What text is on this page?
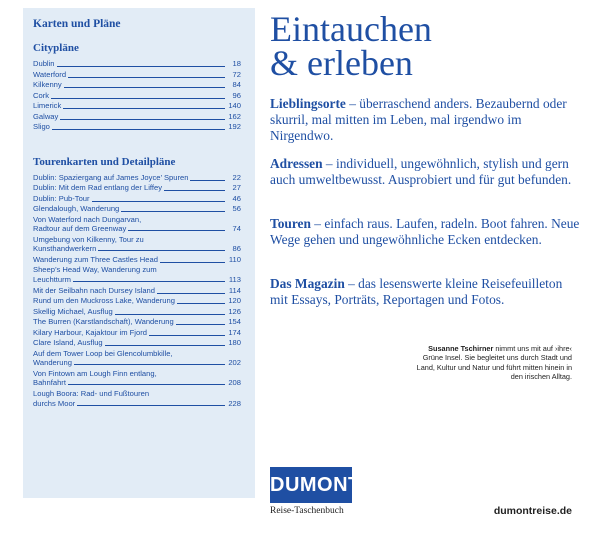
Karten und Pläne
Citypläne
Dublin	18
Waterford	72
Kilkenny	84
Cork	96
Limerick	140
Galway	162
Sligo	192
Tourenkarten und Detailpläne
Dublin: Spaziergang auf James Joyce’ Spuren	22
Dublin: Mit dem Rad entlang der Liffey	27
Dublin: Pub-Tour	46
Glendalough, Wanderung	56
Von Waterford nach Dungarvan,
Radtour auf dem Greenway	74
Umgebung von Kilkenny, Tour zu
Kunsthandwerkern	86
Wanderung zum Three Castles Head	110
Sheep’s Head Way, Wanderung zum
Leuchtturm	113
Mit der Seilbahn nach Dursey Island	114
Rund um den Muckross Lake, Wanderung	120
Skellig Michael, Ausflug	126
The Burren (Karstlandschaft), Wanderung	154
Kilary Harbour, Kajaktour im Fjord	174
Clare Island, Ausflug	180
Auf dem Tower Loop bei Glencolumbkille,
Wanderung	202
Von Fintown am Lough Finn entlang,
Bahnfahrt	208
Lough Boora: Rad- und Fußtouren
durchs Moor	228
Eintauchen
& erleben

Lieblingsorte – überraschend anders. Bezaubernd oder skurril, mal mitten im Leben, mal irgendwo im Nirgendwo.

Adressen – individuell, ungewöhnlich, stylish und gern auch umweltbewusst. Ausprobiert und für gut befunden.

Touren – einfach raus. Laufen, radeln. Boot fahren. Neue Wege gehen und ungewöhnliche Ecken entdecken.

Das Magazin – das lesenswerte kleine Reisefeuilleton mit Essays, Porträts, Reportagen und Fotos.

Susanne Tschirner nimmt uns mit auf ›ihre‹ Grüne Insel. Sie begleitet uns durch Stadt und Land, Kultur und Natur und führt mitten hinein in den irischen Alltag.
DUMONT
Reise-Taschenbuch	dumontreise.de
